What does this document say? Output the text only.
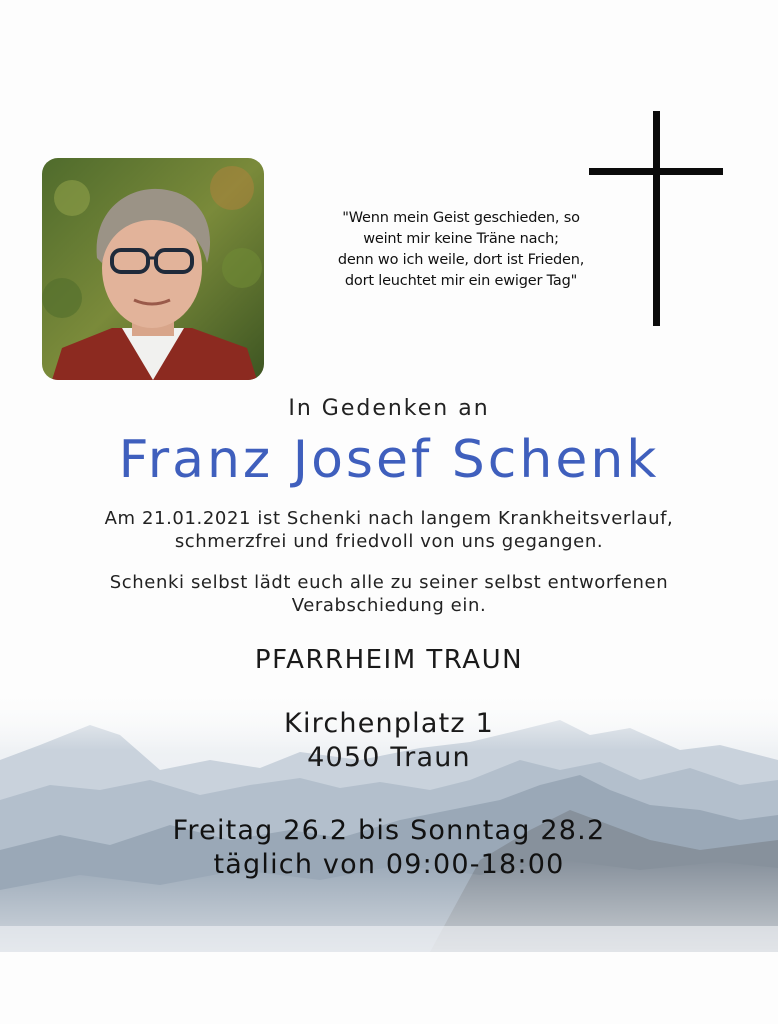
"Wenn mein Geist geschieden, so
weint mir keine Träne nach;
denn wo ich weile, dort ist Frieden,
dort leuchtet mir ein ewiger Tag"
In Gedenken an
Franz Josef Schenk
Am 21.01.2021 ist Schenki nach langem Krankheitsverlauf,
schmerzfrei und friedvoll von uns gegangen.
Schenki selbst lädt euch alle zu seiner selbst entworfenen
Verabschiedung ein.
PFARRHEIM TRAUN
Kirchenplatz 1
4050 Traun
Freitag 26.2 bis Sonntag 28.2
täglich von 09:00-18:00
